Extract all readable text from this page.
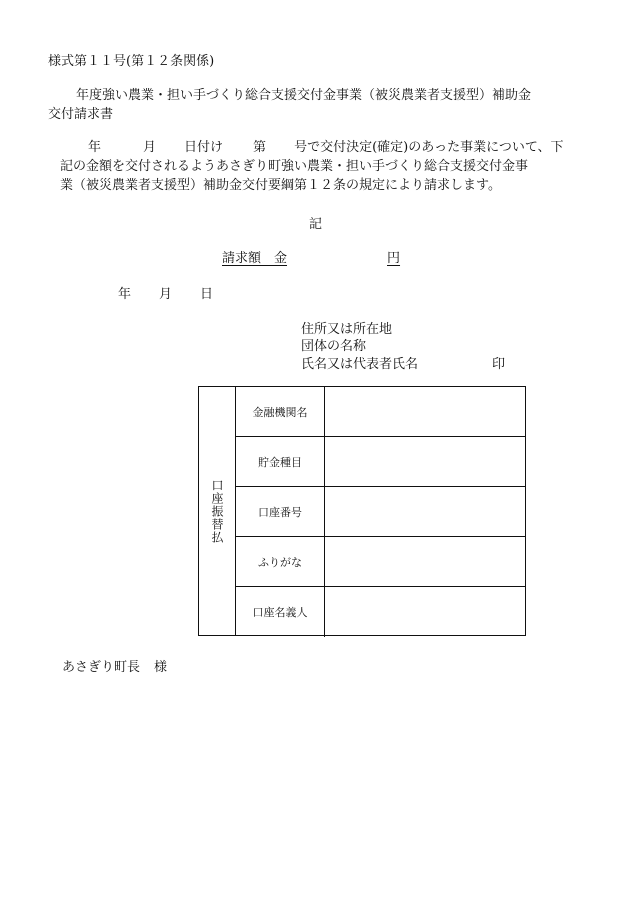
様式第１１号(第１２条関係)
年度強い農業・担い手づくり総合支援交付金事業（被災農業者支援型）補助金
交付請求書
年	月 日付け 第 号で交付決定(確定)のあった事業について、下
記の金額を交付されるようあさぎり町強い農業・担い手づくり総合支援交付金事
業（被災農業者支援型）補助金交付要綱第１２条の規定により請求します。
記
請求額　金	円
年 月 日
住所又は所在地
団体の名称
氏名又は代表者氏名	印
口座振替払
金融機関名
貯金種目
口座番号
ふりがな
口座名義人
あさぎり町長 様
